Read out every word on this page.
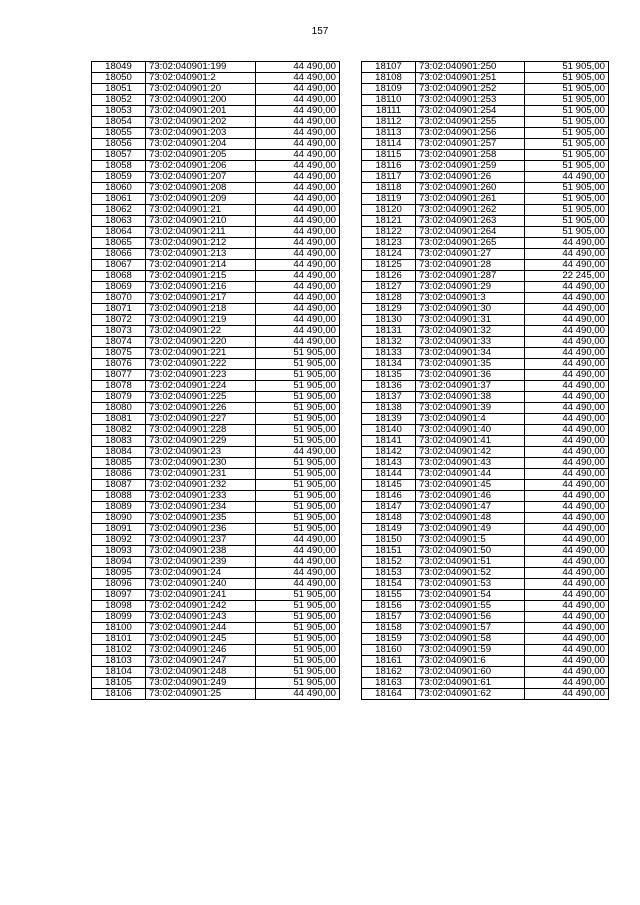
157
18049	73:02:040901:199	44 490,00
18050	73:02:040901:2	44 490,00
18051	73:02:040901:20	44 490,00
18052	73:02:040901:200	44 490,00
18053	73:02:040901:201	44 490,00
18054	73:02:040901:202	44 490,00
18055	73:02:040901:203	44 490,00
18056	73:02:040901:204	44 490,00
18057	73:02:040901:205	44 490,00
18058	73:02:040901:206	44 490,00
18059	73:02:040901:207	44 490,00
18060	73:02:040901:208	44 490,00
18061	73:02:040901:209	44 490,00
18062	73:02:040901:21	44 490,00
18063	73:02:040901:210	44 490,00
18064	73:02:040901:211	44 490,00
18065	73:02:040901:212	44 490,00
18066	73:02:040901:213	44 490,00
18067	73:02:040901:214	44 490,00
18068	73:02:040901:215	44 490,00
18069	73:02:040901:216	44 490,00
18070	73:02:040901:217	44 490,00
18071	73:02:040901:218	44 490,00
18072	73:02:040901:219	44 490,00
18073	73:02:040901:22	44 490,00
18074	73:02:040901:220	44 490,00
18075	73:02:040901:221	51 905,00
18076	73:02:040901:222	51 905,00
18077	73:02:040901:223	51 905,00
18078	73:02:040901:224	51 905,00
18079	73:02:040901:225	51 905,00
18080	73:02:040901:226	51 905,00
18081	73:02:040901:227	51 905,00
18082	73:02:040901:228	51 905,00
18083	73:02:040901:229	51 905,00
18084	73:02:040901:23	44 490,00
18085	73:02:040901:230	51 905,00
18086	73:02:040901:231	51 905,00
18087	73:02:040901:232	51 905,00
18088	73:02:040901:233	51 905,00
18089	73:02:040901:234	51 905,00
18090	73:02:040901:235	51 905,00
18091	73:02:040901:236	51 905,00
18092	73:02:040901:237	44 490,00
18093	73:02:040901:238	44 490,00
18094	73:02:040901:239	44 490,00
18095	73:02:040901:24	44 490,00
18096	73:02:040901:240	44 490,00
18097	73:02:040901:241	51 905,00
18098	73:02:040901:242	51 905,00
18099	73:02:040901:243	51 905,00
18100	73:02:040901:244	51 905,00
18101	73:02:040901:245	51 905,00
18102	73:02:040901:246	51 905,00
18103	73:02:040901:247	51 905,00
18104	73:02:040901:248	51 905,00
18105	73:02:040901:249	51 905,00
18106	73:02:040901:25	44 490,00
18107	73:02:040901:250	51 905,00
18108	73:02:040901:251	51 905,00
18109	73:02:040901:252	51 905,00
18110	73:02:040901:253	51 905,00
18111	73:02:040901:254	51 905,00
18112	73:02:040901:255	51 905,00
18113	73:02:040901:256	51 905,00
18114	73:02:040901:257	51 905,00
18115	73:02:040901:258	51 905,00
18116	73:02:040901:259	51 905,00
18117	73:02:040901:26	44 490,00
18118	73:02:040901:260	51 905,00
18119	73:02:040901:261	51 905,00
18120	73:02:040901:262	51 905,00
18121	73:02:040901:263	51 905,00
18122	73:02:040901:264	51 905,00
18123	73:02:040901:265	44 490,00
18124	73:02:040901:27	44 490,00
18125	73:02:040901:28	44 490,00
18126	73:02:040901:287	22 245,00
18127	73:02:040901:29	44 490,00
18128	73:02:040901:3	44 490,00
18129	73:02:040901:30	44 490,00
18130	73:02:040901:31	44 490,00
18131	73:02:040901:32	44 490,00
18132	73:02:040901:33	44 490,00
18133	73:02:040901:34	44 490,00
18134	73:02:040901:35	44 490,00
18135	73:02:040901:36	44 490,00
18136	73:02:040901:37	44 490,00
18137	73:02:040901:38	44 490,00
18138	73:02:040901:39	44 490,00
18139	73:02:040901:4	44 490,00
18140	73:02:040901:40	44 490,00
18141	73:02:040901:41	44 490,00
18142	73:02:040901:42	44 490,00
18143	73:02:040901:43	44 490,00
18144	73:02:040901:44	44 490,00
18145	73:02:040901:45	44 490,00
18146	73:02:040901:46	44 490,00
18147	73:02:040901:47	44 490,00
18148	73:02:040901:48	44 490,00
18149	73:02:040901:49	44 490,00
18150	73:02:040901:5	44 490,00
18151	73:02:040901:50	44 490,00
18152	73:02:040901:51	44 490,00
18153	73:02:040901:52	44 490,00
18154	73:02:040901:53	44 490,00
18155	73:02:040901:54	44 490,00
18156	73:02:040901:55	44 490,00
18157	73:02:040901:56	44 490,00
18158	73:02:040901:57	44 490,00
18159	73:02:040901:58	44 490,00
18160	73:02:040901:59	44 490,00
18161	73:02:040901:6	44 490,00
18162	73:02:040901:60	44 490,00
18163	73:02:040901:61	44 490,00
18164	73:02:040901:62	44 490,00
